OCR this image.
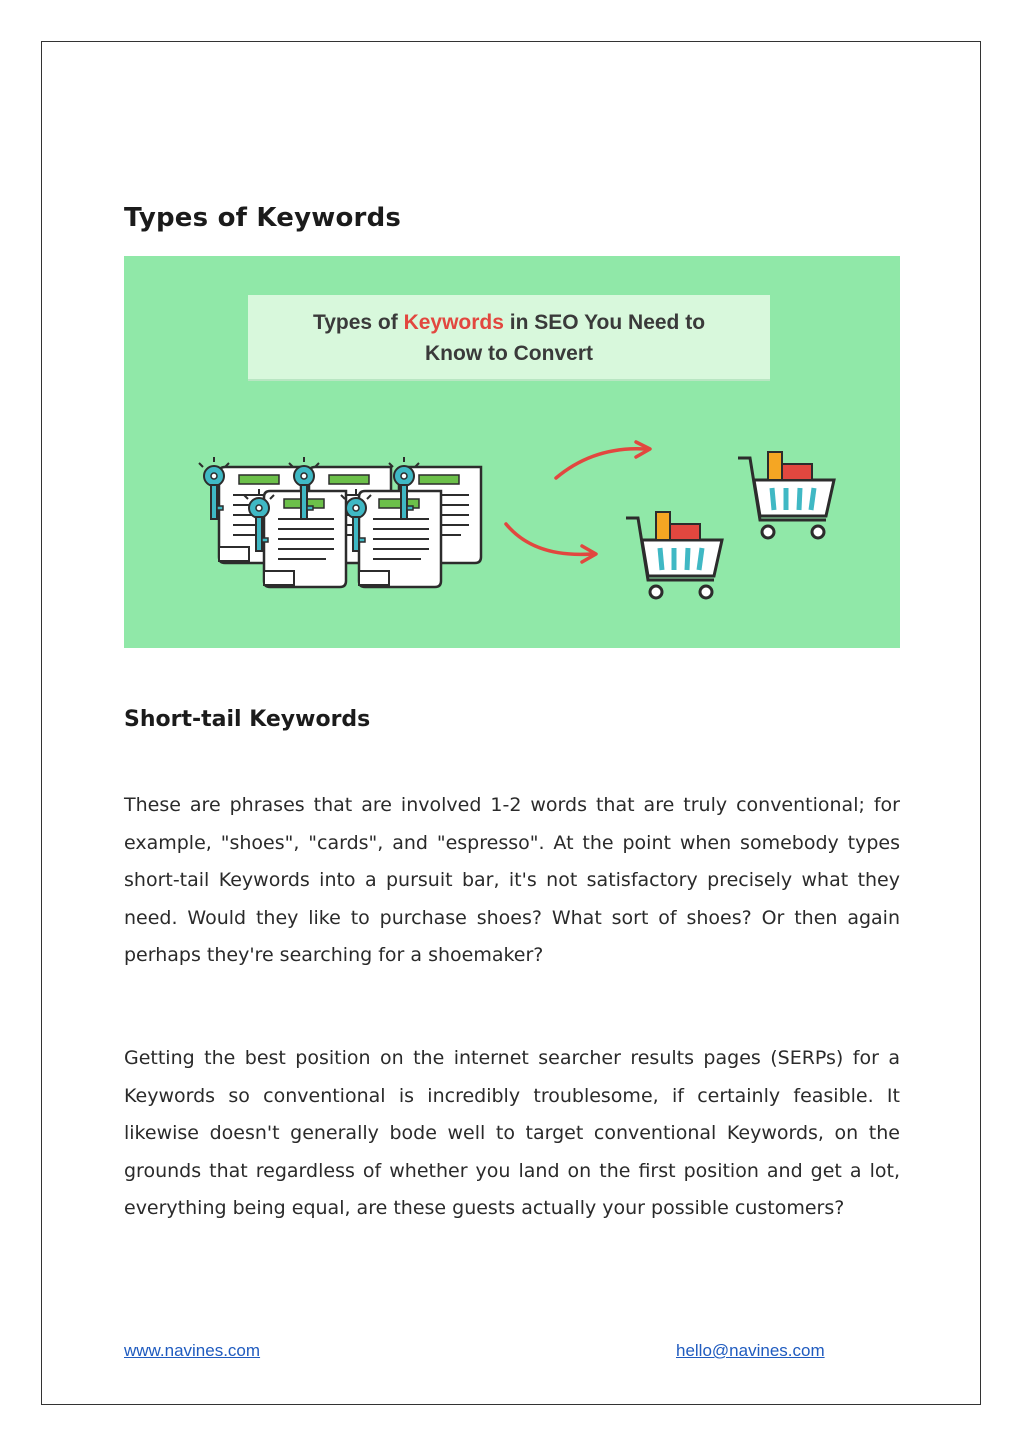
Types of Keywords
Types of Keywords in SEO You Need to
Know to Convert
Short-tail Keywords

These are phrases that are involved 1-2 words that are truly conventional; for example, "shoes", "cards", and "espresso". At the point when somebody types short-tail Keywords into a pursuit bar, it's not satisfactory precisely what they need. Would they like to purchase shoes? What sort of shoes? Or then again perhaps they're searching for a shoemaker?

Getting the best position on the internet searcher results pages (SERPs) for a Keywords so conventional is incredibly troublesome, if certainly feasible. It likewise doesn't generally bode well to target conventional Keywords, on the grounds that regardless of whether you land on the first position and get a lot, everything being equal, are these guests actually your possible customers?

www.navines.com	hello@navines.com
